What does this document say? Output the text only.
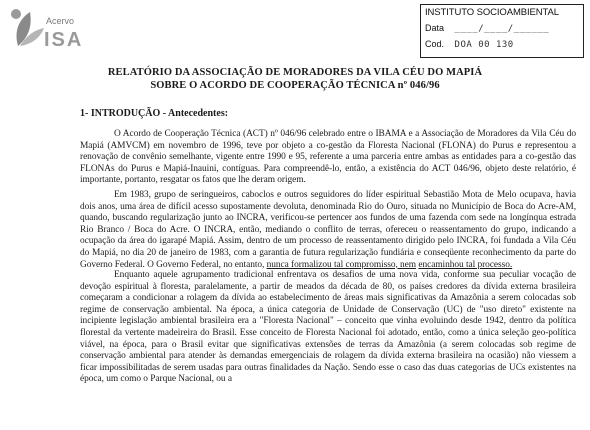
Acervo
ISA
INSTITUTO SOCIOAMBIENTAL
Data ____/____/______
Cod. DOA 00 130
RELATÓRIO DA ASSOCIAÇÃO DE MORADORES DA VILA CÉU DO MAPIÁ
SOBRE O ACORDO DE COOPERAÇÃO TÉCNICA nº 046/96
1- INTRODUÇÃO - Antecedentes:
O Acordo de Cooperação Técnica (ACT) nº 046/96 celebrado entre o IBAMA e a Associação de Moradores da Vila Céu do Mapiá (AMVCM) em novembro de 1996, teve por objeto a co-gestão da Floresta Nacional (FLONA) do Purus e representou a renovação de convênio semelhante, vigente entre 1990 e 95, referente a uma parceria entre ambas as entidades para a co-gestão das FLONAs do Purus e Mapiá-Inauini, contíguas. Para compreendê-lo, então, a existência do ACT 046/96, objeto deste relatório, é importante, portanto, resgatar os fatos que lhe deram origem.
Em 1983, grupo de seringueiros, caboclos e outros seguidores do líder espiritual Sebastião Mota de Melo ocupava, havia dois anos, uma área de difícil acesso supostamente devoluta, denominada Rio do Ouro, situada no Município de Boca do Acre-AM, quando, buscando regularização junto ao INCRA, verificou-se pertencer aos fundos de uma fazenda com sede na longínqua estrada Rio Branco / Boca do Acre. O INCRA, então, mediando o conflito de terras, ofereceu o reassentamento do grupo, indicando a ocupação da área do igarapé Mapiá. Assim, dentro de um processo de reassentamento dirigido pelo INCRA, foi fundada a Vila Céu do Mapiá, no dia 20 de janeiro de 1983, com a garantia de futura regularização fundiária e conseqüente reconhecimento da parte do Governo Federal. O Governo Federal, no entanto, nunca formalizou tal compromisso, nem encaminhou tal processo.
Enquanto aquele agrupamento tradicional enfrentava os desafios de uma nova vida, conforme sua peculiar vocação de devoção espiritual à floresta, paralelamente, a partir de meados da década de 80, os países credores da dívida externa brasileira começaram a condicionar a rolagem da dívida ao estabelecimento de áreas mais significativas da Amazônia a serem colocadas sob regime de conservação ambiental. Na época, a única categoria de Unidade de Conservação (UC) de "uso direto" existente na incipiente legislação ambiental brasileira era a "Floresta Nacional" – conceito que vinha evoluindo desde 1942, dentro da política florestal da vertente madeireira do Brasil. Esse conceito de Floresta Nacional foi adotado, então, como a única seleção geo-política viável, na época, para o Brasil evitar que significativas extensões de terras da Amazônia (a serem colocadas sob regime de conservação ambiental para atender às demandas emergenciais de rolagem da dívida externa brasileira na ocasião) não viessem a ficar impossibilitadas de serem usadas para outras finalidades da Nação. Sendo esse o caso das duas categorias de UCs existentes na época, um como o Parque Nacional, ou a
